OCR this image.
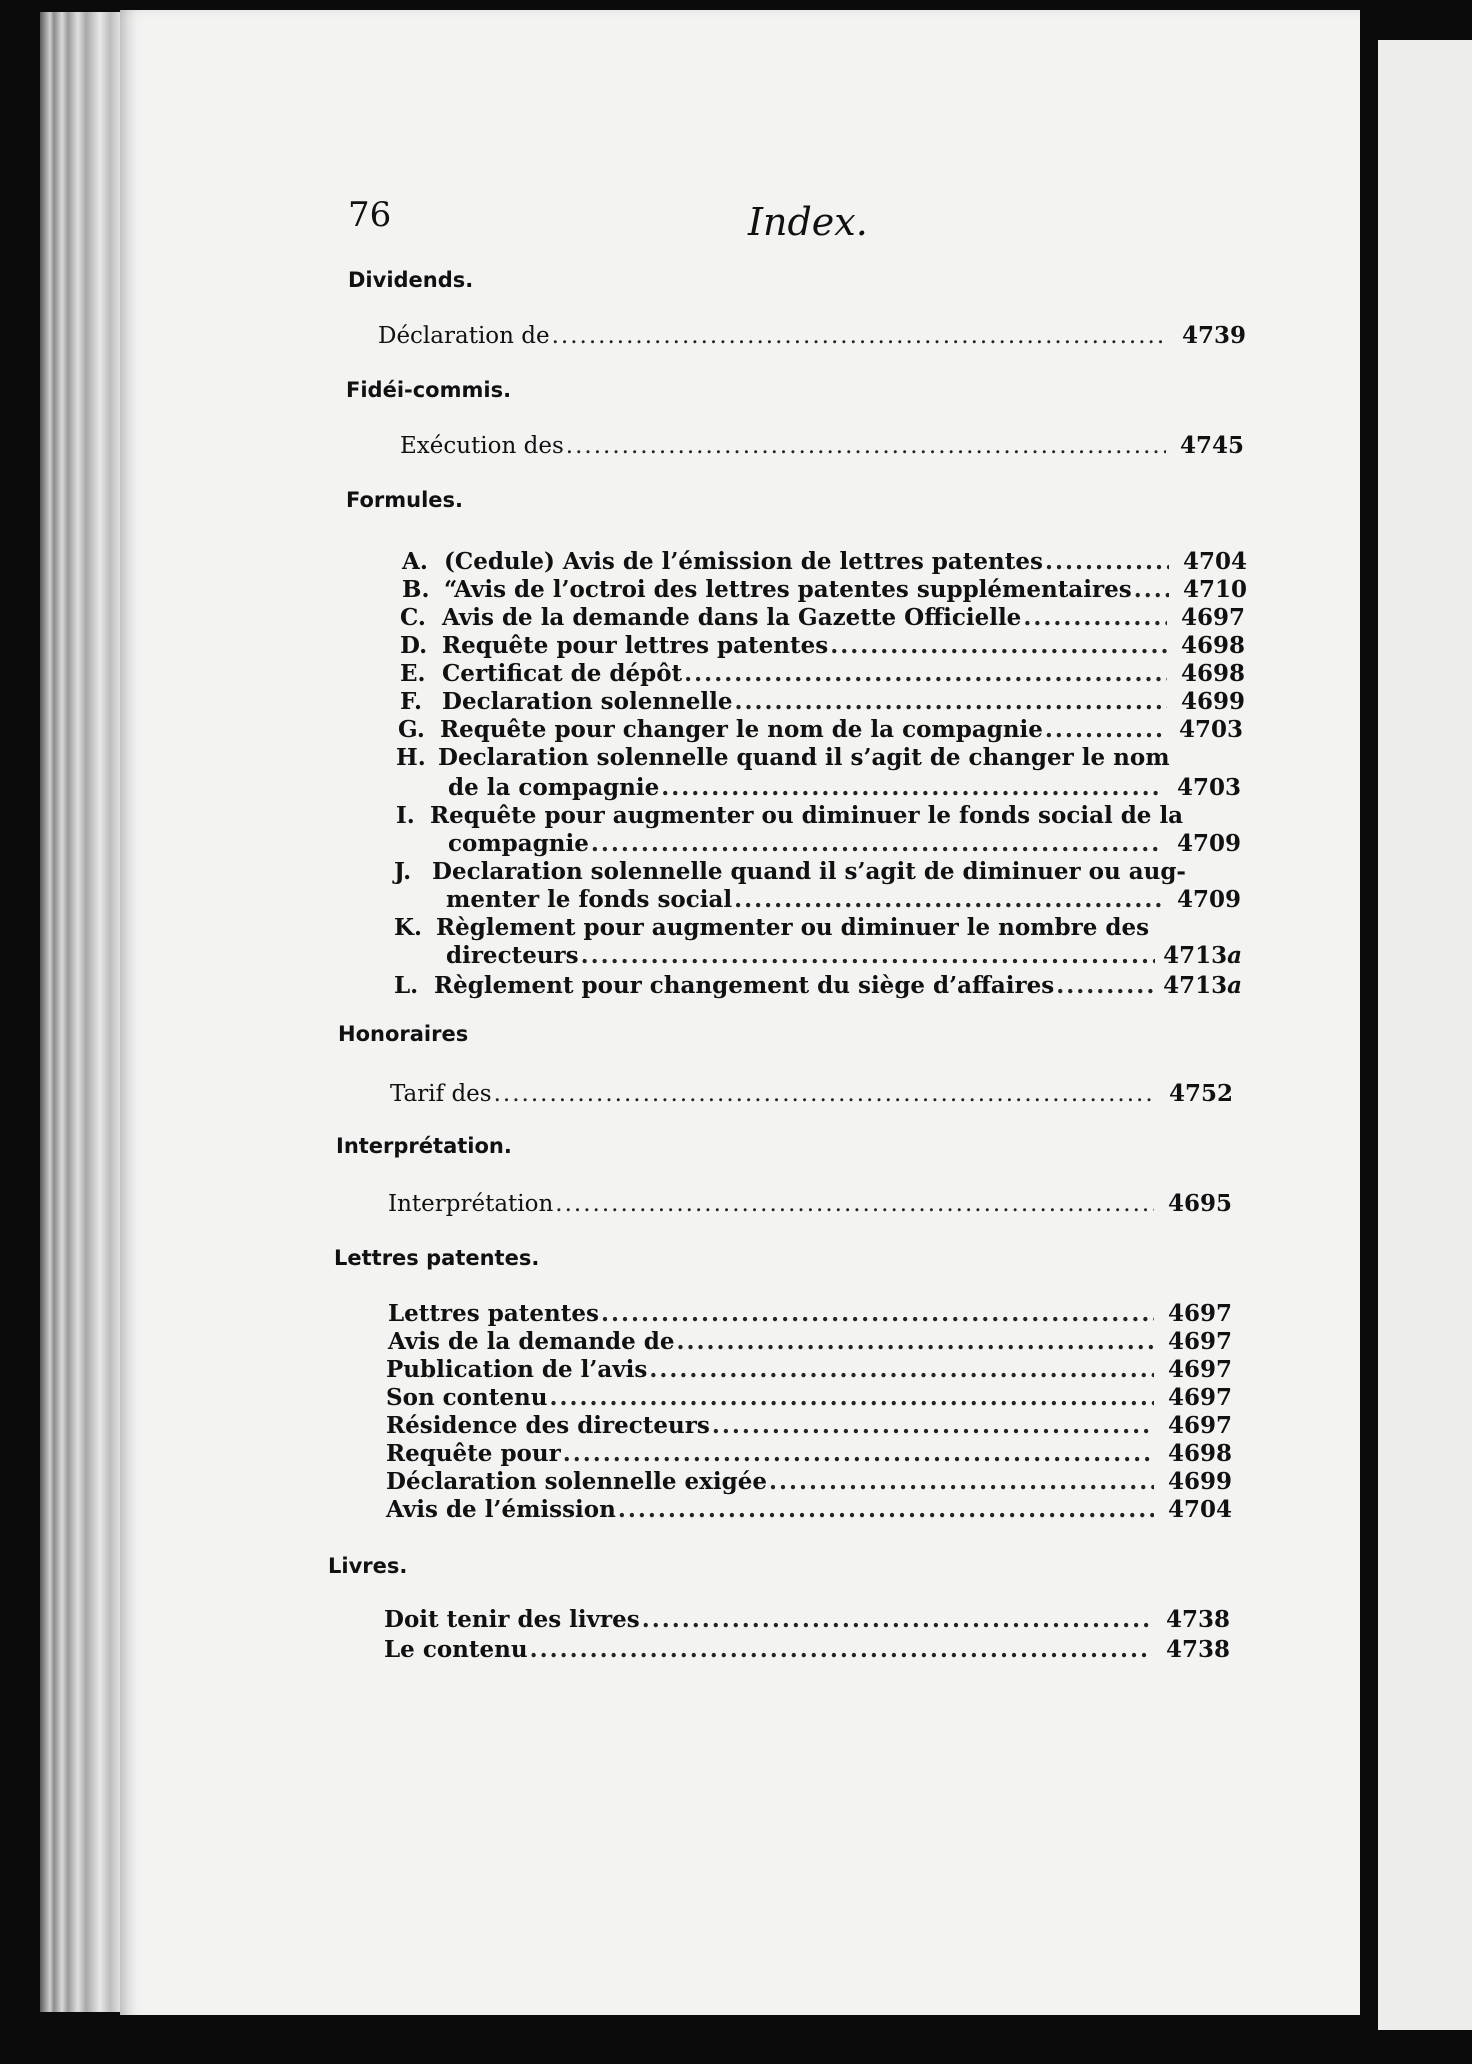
76	Index.
Dividend‌s.
Déclaration de .....	4739
Fidéi-commis.
Exécution des .....	4745
Formules.
A. (Cedule) Avis de l’émission de lettres patentes .....	4704
B. “Avis de l’octroi des lettres patentes supplémentaires ..... 4710
C. Avis de la demande dans la Gazette Officielle .....	4697
D. Requête pour lettres patentes .....	4698
E. Certificat de dépôt .....	4698
F. Declaration solennelle .....	4699
G. Requête pour changer le nom de la compagnie .....	4703
H. Declaration solennelle quand il s’agit de changer le nom
de la compagnie .....	4703
I. Requête pour augmenter ou diminuer le fonds social de la
compagnie .....	4709
J. Declaration solennelle quand il s’agit de diminuer ou aug-
menter le fonds social .....	4709
K. Règlement pour augmenter ou diminuer le nombre des
directeurs .....	4713a
L. Règlement pour changement du siège d’affaires .....	4713a
Honoraires
Tarif des .....	4752
Interprétation.
Interprétation .....	4695
Lettres patentes.
Lettres patentes .....	4697
Avis de la demande de .....	4697
Publication de l’avis .....	4697
Son contenu .....	4697
Résidence des directeurs .....	4697
Requête pour .....	4698
Déclaration solennelle exigée .....	4699
Avis de l’émission .....	4704
Livres.
Doit tenir des livres .....	4738
Le contenu .....	4738
